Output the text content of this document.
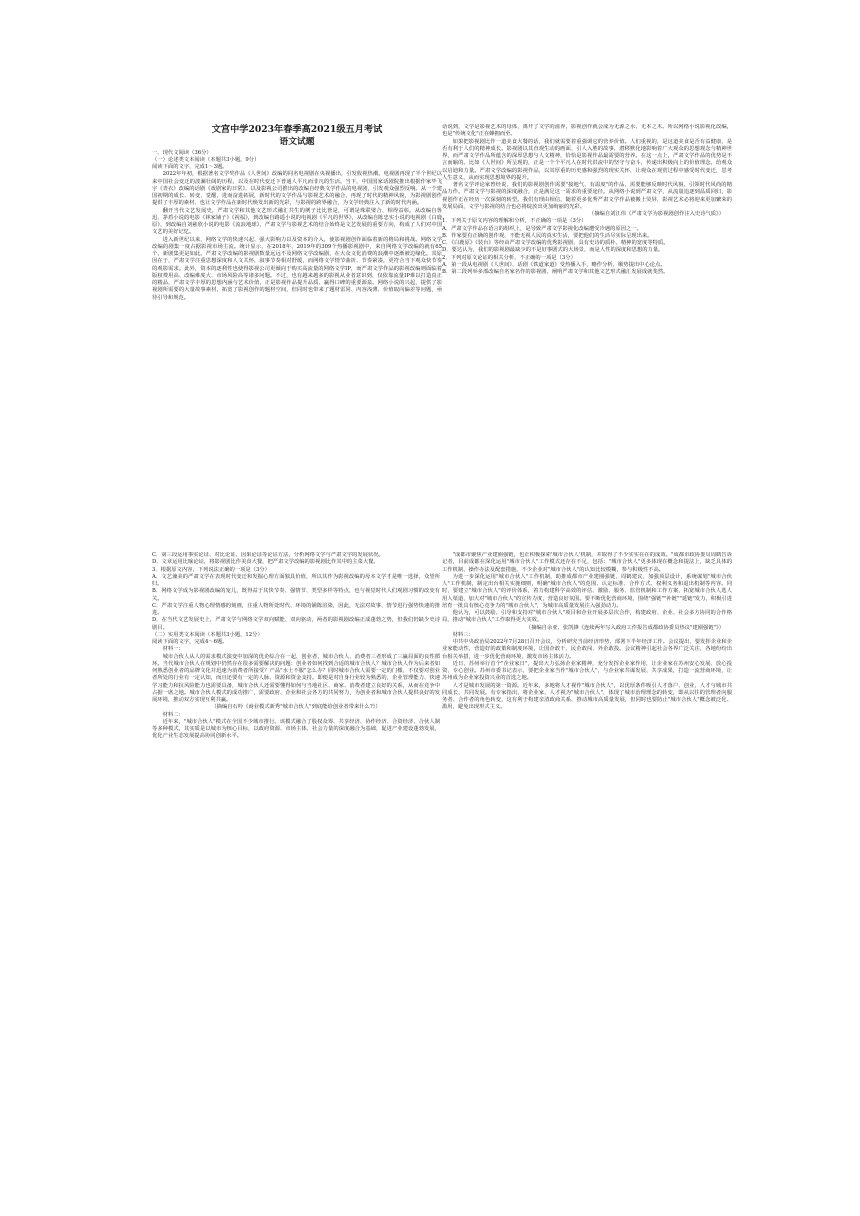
文宫中学2023年春季高2021级五月考试

语文试题

一、现代文阅读（36分）

（一）论述类文本阅读（本题共3小题，9分）

阅读下面的文字，完成1～3题。

2022年年初，根据著名文学奖作品《人世间》改编的同名电视剧在央视播出，引发收视热潮。电视剧再现了半个世纪以来中国社会变迁的波澜壮阔的历程，以及在时代变迁下普通人平凡而非凡的生活。当下，中国国家话剧院推出根据作家毕飞宇《青衣》改编的话剧《戏剧家的日常》，以及影视公司推出的改编自经典文学作品的电视剧，引发观众强烈反响。从一个建国初期的成长、转变、觉醒，进而奋进拓展，新时代的文学作品与影视艺术的融合，再现了时代的精神风貌，为影视剧创作提供了丰厚的素材，也让文学作品在新时代焕发出新的光彩，与影视的跨界融合，为文学经典注入了新的时代内涵。

翻开当代文艺发展史，严肃文学和其他文艺形式融汇共生的例子比比皆是，可谓是珠联璧合、相得益彰。从改编自鲁迅、茅盾小说的电影《林家铺子》《祝福》，到改编自路遥小说的电视剧《平凡的世界》，从改编自陈忠实小说的电视剧《白鹿原》，到改编自刘慈欣小说的电影《流浪地球》，严肃文学与影视艺术的结合始终是文艺发展的重要方向，构成了人们对中国文艺的美好记忆。

进入新世纪以来，网络文学的快速兴起、强大影响力以及资本的介入，使影视剧创作面临着新的格局和挑战。网络文学改编的剧集一度占据影视市场主流。统计显示，在2018年、2019年的309个热播影视剧中，来自网络文学改编的就有65个，新剧集更是如此。严肃文学改编的影视剧数量远远不及网络文学改编剧，在大众文化消费的浪潮中逐渐被边缘化。其原因在于，严肃文学注重思想深度和人文关怀，叙事节奏相对舒缓，而网络文学情节曲折、节奏紧凑，更符合当下观众快节奏的观影需求。此外，资本的逐利性也使得影视公司更倾向于购买高流量的网络文学IP，而严肃文学作品的影视改编则面临着版权费用高、改编难度大、市场风险高等诸多问题。不过，也有越来越多的影视从业者意识到，仅依靠流量IP难以打造真正的精品，严肃文学丰厚的思想内涵与艺术价值，正是影视作品提升品质、赢得口碑的重要源泉。网络小说的兴起，提供了影视剧所需要的大量故事素材，拓宽了影视创作的题材空间，但同时也带来了题材雷同、内容浅薄、价值取向偏差等问题，亟待引导和规范。

话说到，文学是影视艺术的母体，离开了文学的滋养，影视创作就会成为无源之水、无本之木。所以网络小说影视化改编，也是"传统文化"正在蜂拥而至。

如果把影视剧比作一道美食大餐的话，我们就需要着重强调它的营养价值。人们重视的，是这道美食是否有益健康，是否有利于人们的精神成长。影视剧以其直观生动的画面、引人入胜的故事，潜移默化地影响着广大观众的思想观念与精神世界，而严肃文学作品所蕴含的深厚思想与人文精神，恰恰是影视作品最需要的营养。在这一点上，严肃文学作品的优势是不言而喻的。比如《人世间》所呈现的，正是一个个平凡人在时代洪流中的坚守与奋斗，传递出积极向上的价值理念，给观众以启迪和力量。严肃文学改编的影视作品，以其厚重的历史感和强烈的现实关怀，让观众在观赏过程中感受时代变迁，思考人生意义，从而实现思想境界的提升。

著名文学评论家曾经说，我们的影视剧创作需要"接地气、有温度"的作品，需要能够反映时代风貌、引领时代风尚的精品力作。严肃文学与影视的深度融合，正是满足这一需求的重要途径。从网络小说到严肃文学，从流量追逐到品质回归，影视创作正在经历一次深刻的转型。我们有理由相信，随着更多优秀严肃文学作品被搬上荧屏，影视艺术必将迎来更加繁荣的发展局面，文学与影视的结合也必将绽放出更加绚丽的光彩。

（摘编自刘江伟《严肃文学为影视剧创作注入史诗气质》）

1．下列关于原文内容的理解和分析，不正确的一项是（3分）

A．严肃文学作品在语言的组织上，是导致严肃文学影视化改编遭受冷遇的原因之一。

B．作家要有正确的创作观，不能无视人民的真实生活，要把他们的生活尽实际呈现出来。

C．《白鹿原》《装台》等经由严肃文学改编的优秀影视剧，具有史诗的质朴、精神的宽度等特质。

D．要达认为，我们的影视剧最缺少的不是好事剧式的大场景，而是人性的深度和思想的力量。

2．下列对原文论证的相关分析，不正确的一项是（3分）

A．第一段从电视剧《人世间》、话剧《铁道家道》受热播入手，略作分析，顺势提出中心论点。

B．第二段列举多部改编自名家名作的影视剧，阐明严肃文学和其他文艺形式融汇发展成就斐然。

C．第三段运用事实论证、对比论证、因果论证等论证方法，分析网络文学与严肃文学的发展状况。

D．文章运用比喻论证，将影视剧比作美食大餐，把严肃文学改编的影视剧比作其中的主菜大餐。

3．根据原文内容，下列说法正确的一项是（3分）

A．文艺兼美的严肃文学在表现时代变迁和发掘心理方面独具价值，所以其作为影视改编的母本文学才是唯一选择，众望所归。

B．网络文学成为影视剧改编的宠儿，既得益于其快节奏、强情节、类型多样等特点，也与视觉时代人们观剧习惯的改变有关。

C．严肃文学注重人物心理情感的刻画，注重人物所处时代、环境的铺陈渲染，因此，无法对故事、情节进行强势快速的推进。

D．在当代文艺发展史上，严肃文学与网络文学双向赋能、双向驱动，两者的影视剧改编正成蓬勃之势，但我们仍缺少史诗剧目。

（二）实用类文本阅读（本题共3小题，12分）

阅读下面的文字，完成4～6题。

材料一：

城市合伙人从人的需求模式演变中加深的优企综合在一起，创业者、城市合伙人、消费者三者形成了三赢局面的良性循环。当代城市合伙人在规划中仍然存在很多需要解决的问题：创业者如何找到合适的城市合伙人？城市合伙人作为后来者如何熟悉创业者的品牌文化并迅速为消费者所接受？产品"水土不服"怎么办？同时城市合伙人需要一定的门槛，不仅要对创业者所处的行业有一定认知，而且还要有一定的人脉、资源和资金支持。即便是对自身行业较为熟悉的，企业管理能力、快速学习能力和抗风险能力也需要具备，城市合伙人还需要懂得如何与当地社区、商家、消费者建立良好的关系，从而在竞争中占据一席之地。城市合伙人模式的成功推广，需要政府、企业和社会各方的共同努力，为创业者和城市合伙人提供良好的发展环境，推动双方实现互利共赢。

（摘编自石吟《商业模式新秀"城市合伙人"到底能给创业者带来什么?》）

材料二：

近年来，"城市合伙人"模式在全国不少城市推行。该模式融合了股权众筹、共享经济、协作经济、合资经济、合伙人制等多种模式，其实质是以城市为核心目标，以政府资源、市场主体、社会力量的深度融合为基础，促进产业建设蓬勃发展，优化产业生态发展提高协同创新水平。

"成都市聚焦产业建圈强链，也正积极探索'城市合伙人'机制，并取得了不少实实在在的成效。"成都市政协委员周鹤告诉记者，目前成都在深化运用"城市合伙人"工作模式还存在不足，包括："城市合伙人"更多体现在概念和提法上，缺乏具体的工作机制、操作办法及配套措施，不少企业对"城市合伙人"的认知比较模糊，参与积极性不高。

为进一步深化运用"城市合伙人"工作机制，助推成都市产业建圈强链，周鹤建议，加强顶层设计，系统谋划"城市合伙人"工作机制，制定出台相关实施细则，明确"城市合伙人"的范围、认定标准、合作方式、权利义务和退出机制等内容。同时，要建立"城市合伙人"的评价体系，着力构建科学高效的评估、激励、服务、监管机制和工作方案，拓宽城市合伙人选人用人渠道，加大对"城市合伙人"的宣传力度，营造良好氛围。要不断优化营商环境，围绕"强链""补链""延链"发力，积极引进培育一批具有核心竞争力的"城市合伙人"，为城市高质量发展注入强劲动力。

他认为，可以鼓励、引导和支持对"城市合伙人"项目和企业开展多层次合作，构建政府、企业、社会多方协同的合作格局，推动"城市合伙人"工作取得更大实效。

（摘编自余亚、张凯锋《连续两年写入政府工作报告成都政协委员热议"建圈强链"》）

材料三：

中共中央政治局2022年7月28日召开会议，分析研究当前经济形势，部署下半年经济工作。会议提出，要发挥企业和企业家能动性，营造好的政策和制度环境，让国企敢干、民企敢闯、外企敢投。会议精神引起社会各界广泛关注，各地纷纷出台相关举措，进一步优化营商环境，激发市场主体活力。

近日，苏州举行首个"企业家日"，提出大力弘扬企业家精神，充分发挥企业家作用，让企业家在苏州安心发展、放心投资、专心创业。苏州市委书记表示，要把企业家当作"城市合伙人"，与企业家共谋发展、共享成果，打造一流营商环境，让苏州成为企业家投资兴业的首选之地。

人才是城市发展的第一资源。近年来，多地将人才视作"城市合伙人"，以优厚条件吸引人才落户、创业，人才与城市共同成长、共同发展。有专家指出，将企业家、人才视为"城市合伙人"，体现了城市治理理念的转变，即从以往的管理者向服务者、合作者的角色转变，这有利于构建亲清政商关系，推动城市高质量发展，但同时也要防止"城市合伙人"概念被泛化、滥用，避免出现形式主义。
